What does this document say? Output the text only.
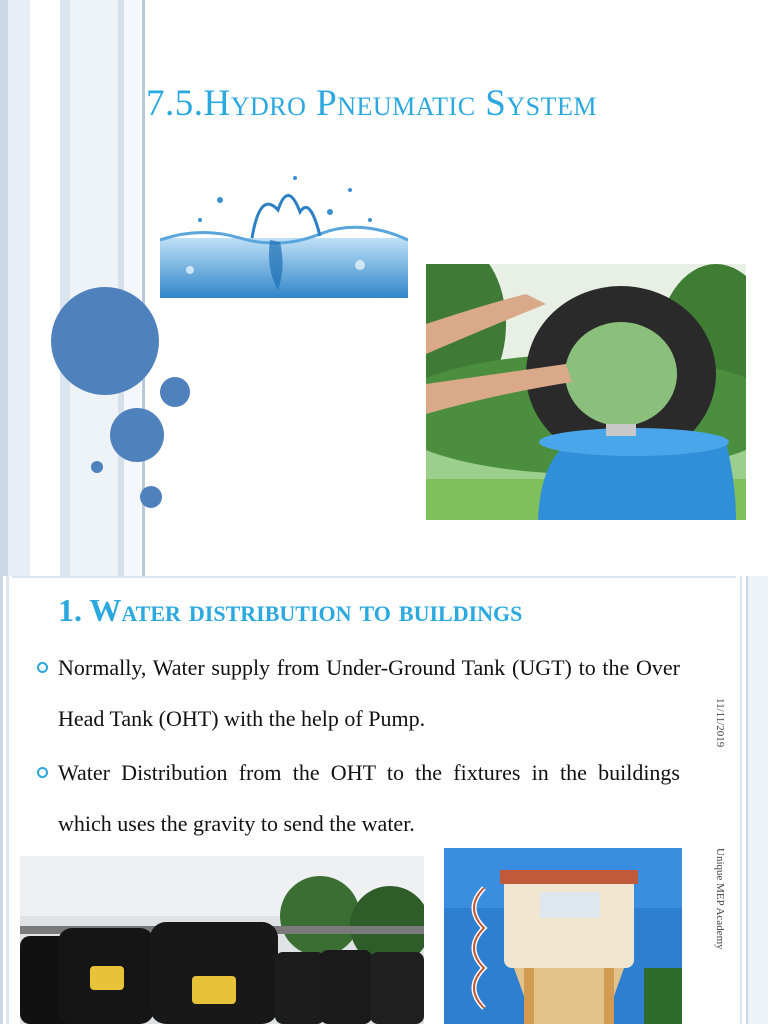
7.5.Hydro Pneumatic System
1. Water distribution to buildings
Normally, Water supply from Under-Ground Tank (UGT) to the Over Head Tank (OHT) with the help of Pump.
Water Distribution from the OHT to the fixtures in the buildings which uses the gravity to send the water.
11/11/2019
Unique MEP Academy
